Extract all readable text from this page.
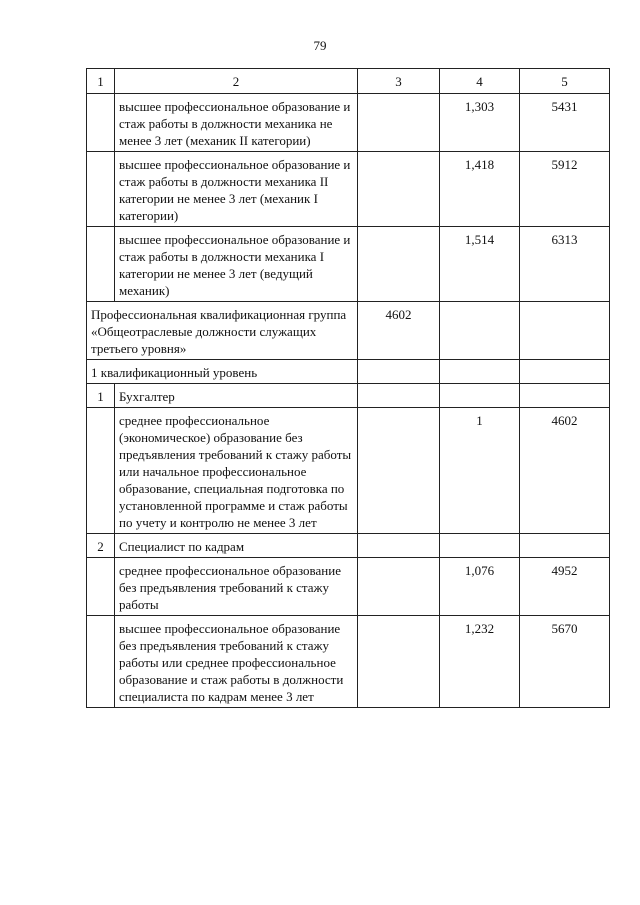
79
1	2	3	4	5
	высшее профессиональное образование и стаж работы в должности механика не менее 3 лет (механик II категории)		1,303	5431
	высшее профессиональное образование и стаж работы в должности механика II категории не менее 3 лет (механик I категории)		1,418	5912
	высшее профессиональное образование и стаж работы в должности механика I категории не менее 3 лет (ведущий механик)		1,514	6313
Профессиональная квалификационная группа «Общеотраслевые должности служащих третьего уровня»		4602		
1 квалификационный уровень				
1	Бухгалтер			
	среднее профессиональное (экономическое) образование без предъявления требований к стажу работы или начальное профессиональное образование, специальная подготовка по установленной программе и стаж работы по учету и контролю не менее 3 лет		1	4602
2	Специалист по кадрам			
	среднее профессиональное образование без предъявления требований к стажу работы		1,076	4952
	высшее профессиональное образование без предъявления требований к стажу работы или среднее профессиональное образование и стаж работы в должности специалиста по кадрам менее 3 лет		1,232	5670
